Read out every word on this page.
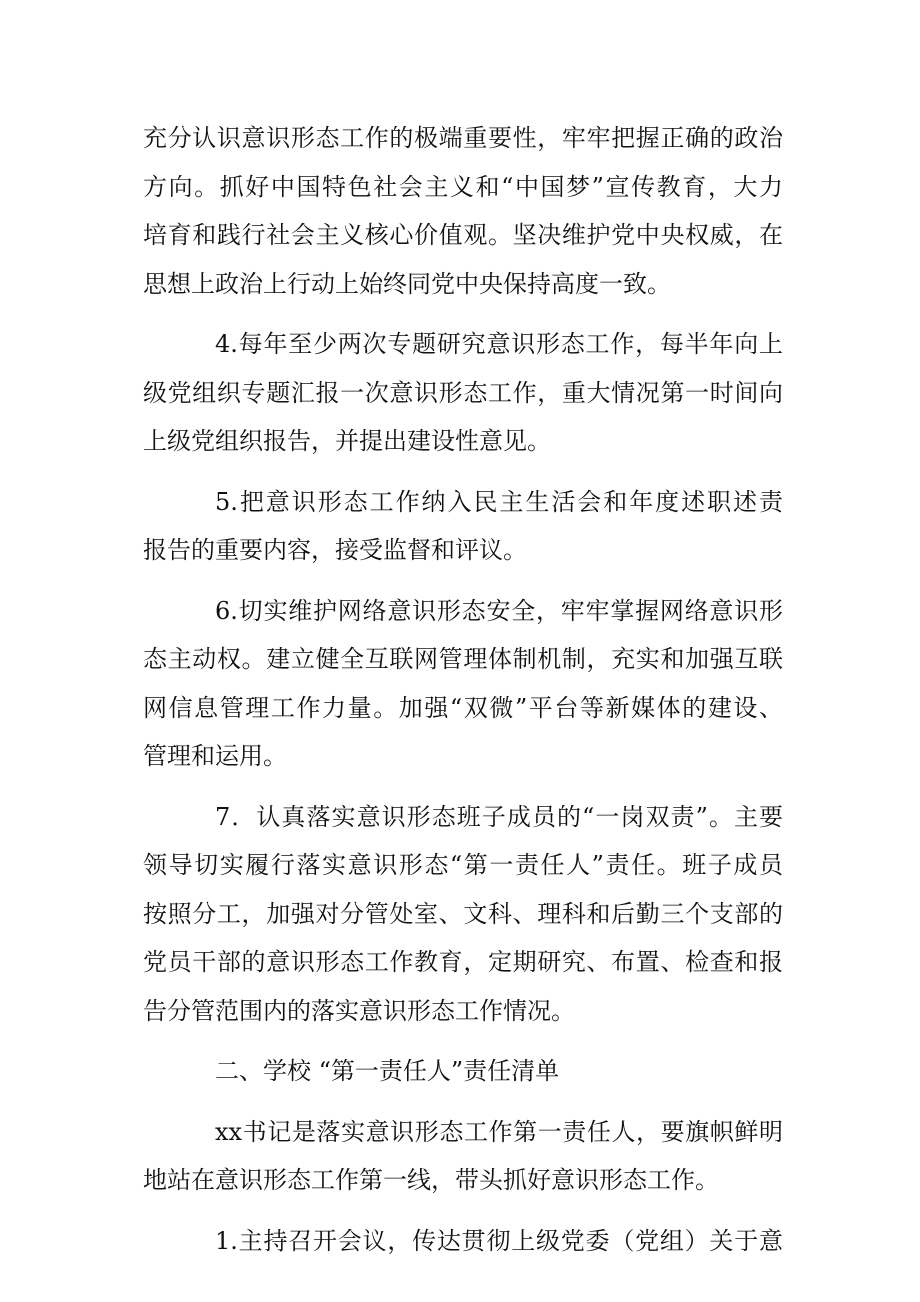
充分认识意识形态工作的极端重要性，牢牢把握正确的政治
方向。抓好中国特色社会主义和“中国梦”宣传教育，大力
培育和践行社会主义核心价值观。坚决维护党中央权威，在
思想上政治上行动上始终同党中央保持高度一致。
4.每年至少两次专题研究意识形态工作，每半年向上
级党组织专题汇报一次意识形态工作，重大情况第一时间向
上级党组织报告，并提出建设性意见。
5.把意识形态工作纳入民主生活会和年度述职述责
报告的重要内容，接受监督和评议。
6.切实维护网络意识形态安全，牢牢掌握网络意识形
态主动权。建立健全互联网管理体制机制，充实和加强互联
网信息管理工作力量。加强“双微”平台等新媒体的建设、
管理和运用。
7．认真落实意识形态班子成员的“一岗双责”。主要
领导切实履行落实意识形态“第一责任人”责任。班子成员
按照分工，加强对分管处室、文科、理科和后勤三个支部的
党员干部的意识形态工作教育，定期研究、布置、检查和报
告分管范围内的落实意识形态工作情况。
二、学校 “第一责任人”责任清单
xx书记是落实意识形态工作第一责任人，要旗帜鲜明
地站在意识形态工作第一线，带头抓好意识形态工作。
1.主持召开会议，传达贯彻上级党委（党组）关于意
